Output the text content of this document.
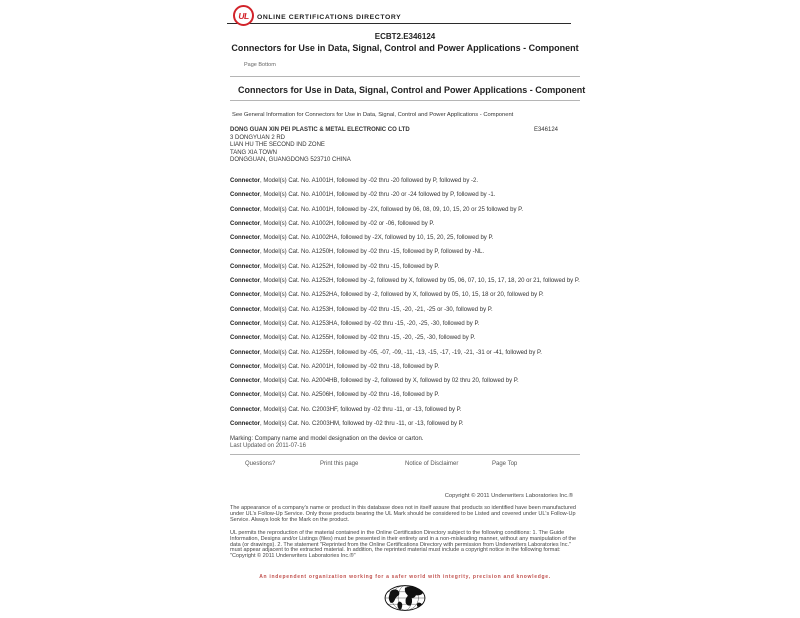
UL ONLINE CERTIFICATIONS DIRECTORY
ECBT2.E346124
Connectors for Use in Data, Signal, Control and Power Applications - Component
Page Bottom
Connectors for Use in Data, Signal, Control and Power Applications - Component
See General Information for Connectors for Use in Data, Signal, Control and Power Applications - Component
DONG GUAN XIN PEI PLASTIC & METAL ELECTRONIC CO LTD	E346124
3 DONGYUAN 2 RD
LIAN HU THE SECOND IND ZONE
TANG XIA TOWN
DONGGUAN, GUANGDONG 523710 CHINA
Connector, Model(s) Cat. No. A1001H, followed by -02 thru -20 followed by P, followed by -2.
Connector, Model(s) Cat. No. A1001H, followed by -02 thru -20 or -24 followed by P, followed by -1.
Connector, Model(s) Cat. No. A1001H, followed by -2X, followed by 06, 08, 09, 10, 15, 20 or 25 followed by P.
Connector, Model(s) Cat. No. A1002H, followed by -02 or -06, followed by P.
Connector, Model(s) Cat. No. A1002HA, followed by -2X, followed by 10, 15, 20, 25, followed by P.
Connector, Model(s) Cat. No. A1250H, followed by -02 thru -15, followed by P, followed by -NL.
Connector, Model(s) Cat. No. A1252H, followed by -02 thru -15, followed by P.
Connector, Model(s) Cat. No. A1252H, followed by -2, followed by X, followed by 05, 06, 07, 10, 15, 17, 18, 20 or 21, followed by P.
Connector, Model(s) Cat. No. A1252HA, followed by -2, followed by X, followed by 05, 10, 15, 18 or 20, followed by P.
Connector, Model(s) Cat. No. A1253H, followed by -02 thru -15, -20, -21, -25 or -30, followed by P.
Connector, Model(s) Cat. No. A1253HA, followed by -02 thru -15, -20, -25, -30, followed by P.
Connector, Model(s) Cat. No. A1255H, followed by -02 thru -15, -20, -25, -30, followed by P.
Connector, Model(s) Cat. No. A1255H, followed by -05, -07, -09, -11, -13, -15, -17, -19, -21, -31 or -41, followed by P.
Connector, Model(s) Cat. No. A2001H, followed by -02 thru -18, followed by P.
Connector, Model(s) Cat. No. A2004HB, followed by -2, followed by X, followed by 02 thru 20, followed by P.
Connector, Model(s) Cat. No. A2506H, followed by -02 thru -16, followed by P.
Connector, Model(s) Cat. No. C2003HF, followed by -02 thru -11, or -13, followed by P.
Connector, Model(s) Cat. No. C2003HM, followed by -02 thru -11, or -13, followed by P.
Marking: Company name and model designation on the device or carton.
Last Updated on 2011-07-16
Questions?	Print this page	Notice of Disclaimer	Page Top
Copyright © 2011 Underwriters Laboratories Inc.®
The appearance of a company's name or product in this database does not in itself assure that products so identified have been manufactured under UL's Follow-Up Service. Only those products bearing the UL Mark should be considered to be Listed and covered under UL's Follow-Up Service. Always look for the Mark on the product.
UL permits the reproduction of the material contained in the Online Certification Directory subject to the following conditions: 1. The Guide Information, Designs and/or Listings (files) must be presented in their entirety and in a non-misleading manner, without any manipulation of the data (or drawings). 2. The statement "Reprinted from the Online Certifications Directory with permission from Underwriters Laboratories Inc." must appear adjacent to the extracted material. In addition, the reprinted material must include a copyright notice in the following format: "Copyright © 2011 Underwriters Laboratories Inc.®"
An independent organization working for a safer world with integrity, precision and knowledge.
